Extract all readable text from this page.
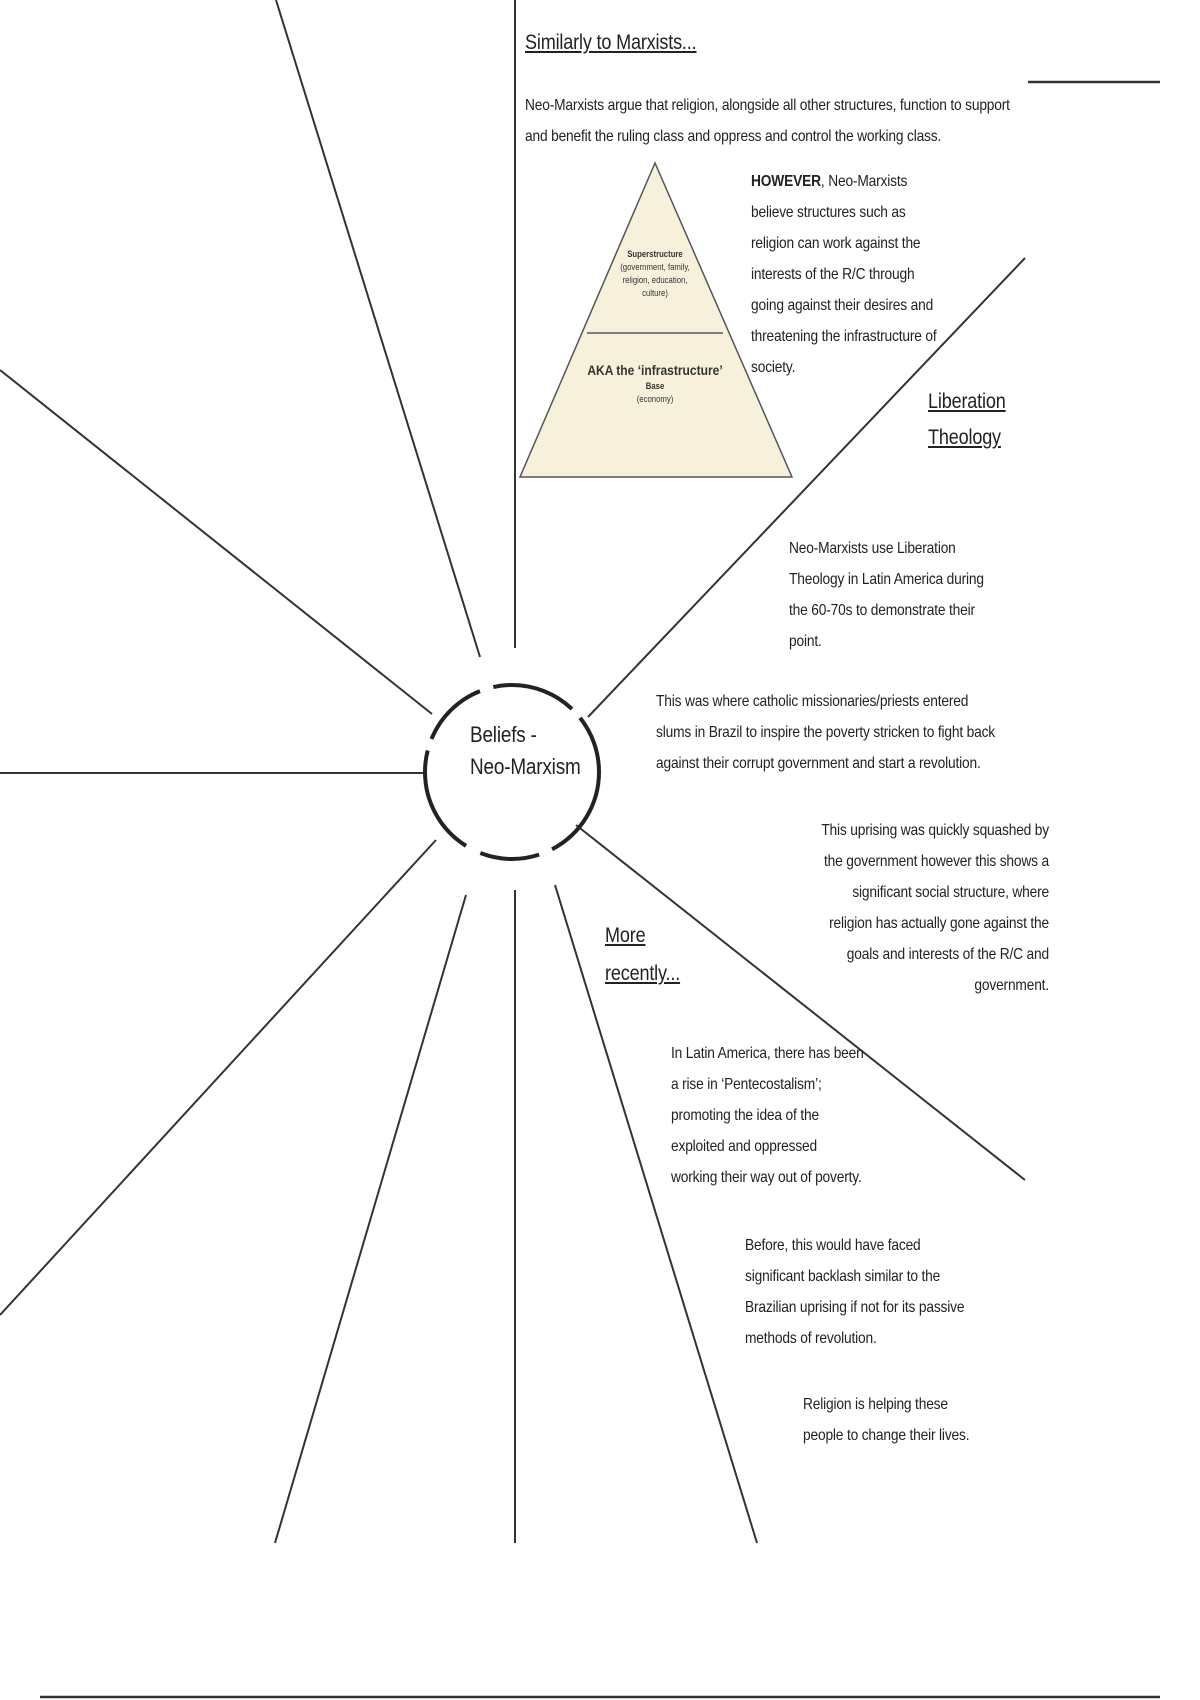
Similarly to Marxists...
Neo-Marxists argue that religion, alongside all other structures, function to support and benefit the ruling class and oppress and control the working class.
Superstructure
(government, family, religion, education, culture)
AKA the ‘infrastructure’
Base
(economy)
HOWEVER, Neo-Marxists believe structures such as religion can work against the interests of the R/C through going against their desires and threatening the infrastructure of society.
Liberation
Theology
Neo-Marxists use Liberation Theology in Latin America during the 60-70s to demonstrate their point.
This was where catholic missionaries/priests entered slums in Brazil to inspire the poverty stricken to fight back against their corrupt government and start a revolution.
This uprising was quickly squashed by the government however this shows a significant social structure, where religion has actually gone against the goals and interests of the R/C and government.
More
recently...
In Latin America, there has been a rise in ‘Pentecostalism’; promoting the idea of the exploited and oppressed working their way out of poverty.
Before, this would have faced significant backlash similar to the Brazilian uprising if not for its passive methods of revolution.
Religion is helping these people to change their lives.
Beliefs -
Neo-Marxism
